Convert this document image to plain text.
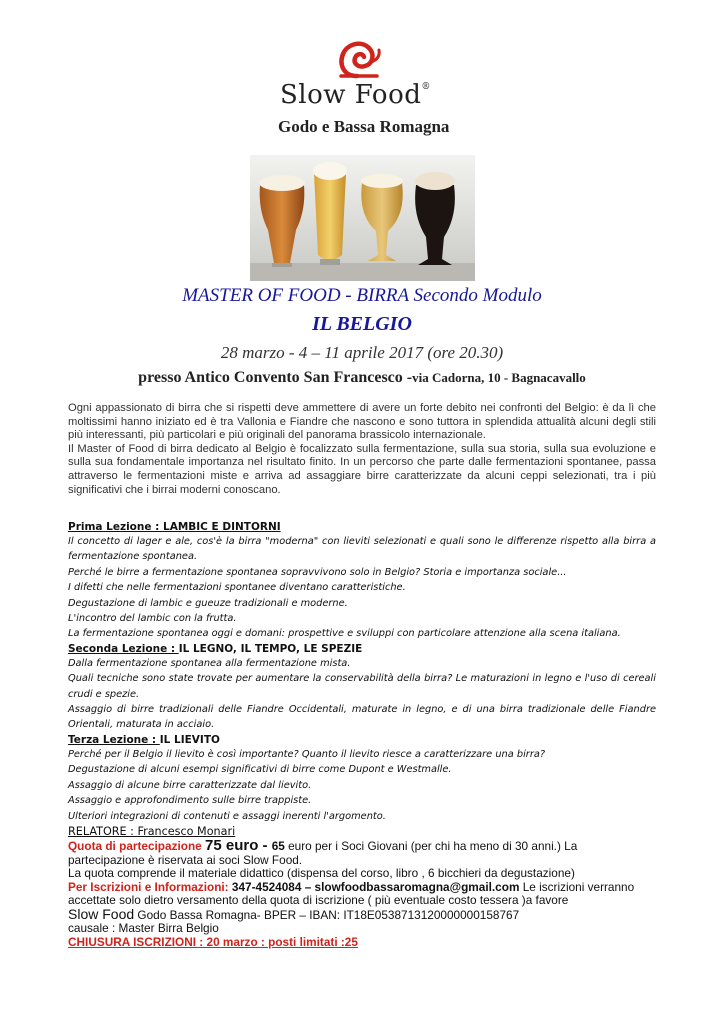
Slow Food®
Godo e Bassa Romagna
MASTER OF FOOD - BIRRA Secondo Modulo
IL BELGIO
28 marzo - 4 – 11 aprile 2017 (ore 20.30)
presso Antico Convento San Francesco -via Cadorna, 10 - Bagnacavallo

Ogni appassionato di birra che si rispetti deve ammettere di avere un forte debito nei confronti del Belgio: è da lì che moltissimi hanno iniziato ed è tra Vallonia e Fiandre che nascono e sono tuttora in splendida attualità alcuni degli stili più interessanti, più particolari e più originali del panorama brassicolo internazionale.

Il Master of Food di birra dedicato al Belgio è focalizzato sulla fermentazione, sulla sua storia, sulla sua evoluzione e sulla sua fondamentale importanza nel risultato finito. In un percorso che parte dalle fermentazioni spontanee, passa attraverso le fermentazioni miste e arriva ad assaggiare birre caratterizzate da alcuni ceppi selezionati, tra i più significativi che i birrai moderni conoscano.

Prima Lezione : LAMBIC E DINTORNI
Il concetto di lager e ale, cos'è la birra "moderna" con lieviti selezionati e quali sono le differenze rispetto alla birra a fermentazione spontanea.
Perché le birre a fermentazione spontanea sopravvivono solo in Belgio? Storia e importanza sociale...
I difetti che nelle fermentazioni spontanee diventano caratteristiche.
Degustazione di lambic e gueuze tradizionali e moderne.
L'incontro del lambic con la frutta.
La fermentazione spontanea oggi e domani: prospettive e sviluppi con particolare attenzione alla scena italiana.
Seconda Lezione : IL LEGNO, IL TEMPO, LE SPEZIE
Dalla fermentazione spontanea alla fermentazione mista.
Quali tecniche sono state trovate per aumentare la conservabilità della birra? Le maturazioni in legno e l'uso di cereali crudi e spezie.
Assaggio di birre tradizionali delle Fiandre Occidentali, maturate in legno, e di una birra tradizionale delle Fiandre Orientali, maturata in acciaio.
Terza Lezione : IL LIEVITO
Perché per il Belgio il lievito è così importante? Quanto il lievito riesce a caratterizzare una birra?
Degustazione di alcuni esempi significativi di birre come Dupont e Westmalle.
Assaggio di alcune birre caratterizzate dal lievito.
Assaggio e approfondimento sulle birre trappiste.
Ulteriori integrazioni di contenuti e assaggi inerenti l'argomento.
RELATORE : Francesco Monari
Quota di partecipazione 75 euro - 65 euro per i Soci Giovani (per chi ha meno di 30 anni.) La partecipazione è riservata ai soci Slow Food.
La quota comprende il materiale didattico (dispensa del corso, libro , 6 bicchieri da degustazione)
Per Iscrizioni e Informazioni: 347-4524084 – slowfoodbassaromagna@gmail.com Le iscrizioni verranno accettate solo dietro versamento della quota di iscrizione ( più eventuale costo tessera )a favore
Slow Food Godo Bassa Romagna- BPER – IBAN: IT18E0538713120000000158767
causale : Master Birra Belgio
CHIUSURA ISCRIZIONI : 20 marzo : posti limitati :25
